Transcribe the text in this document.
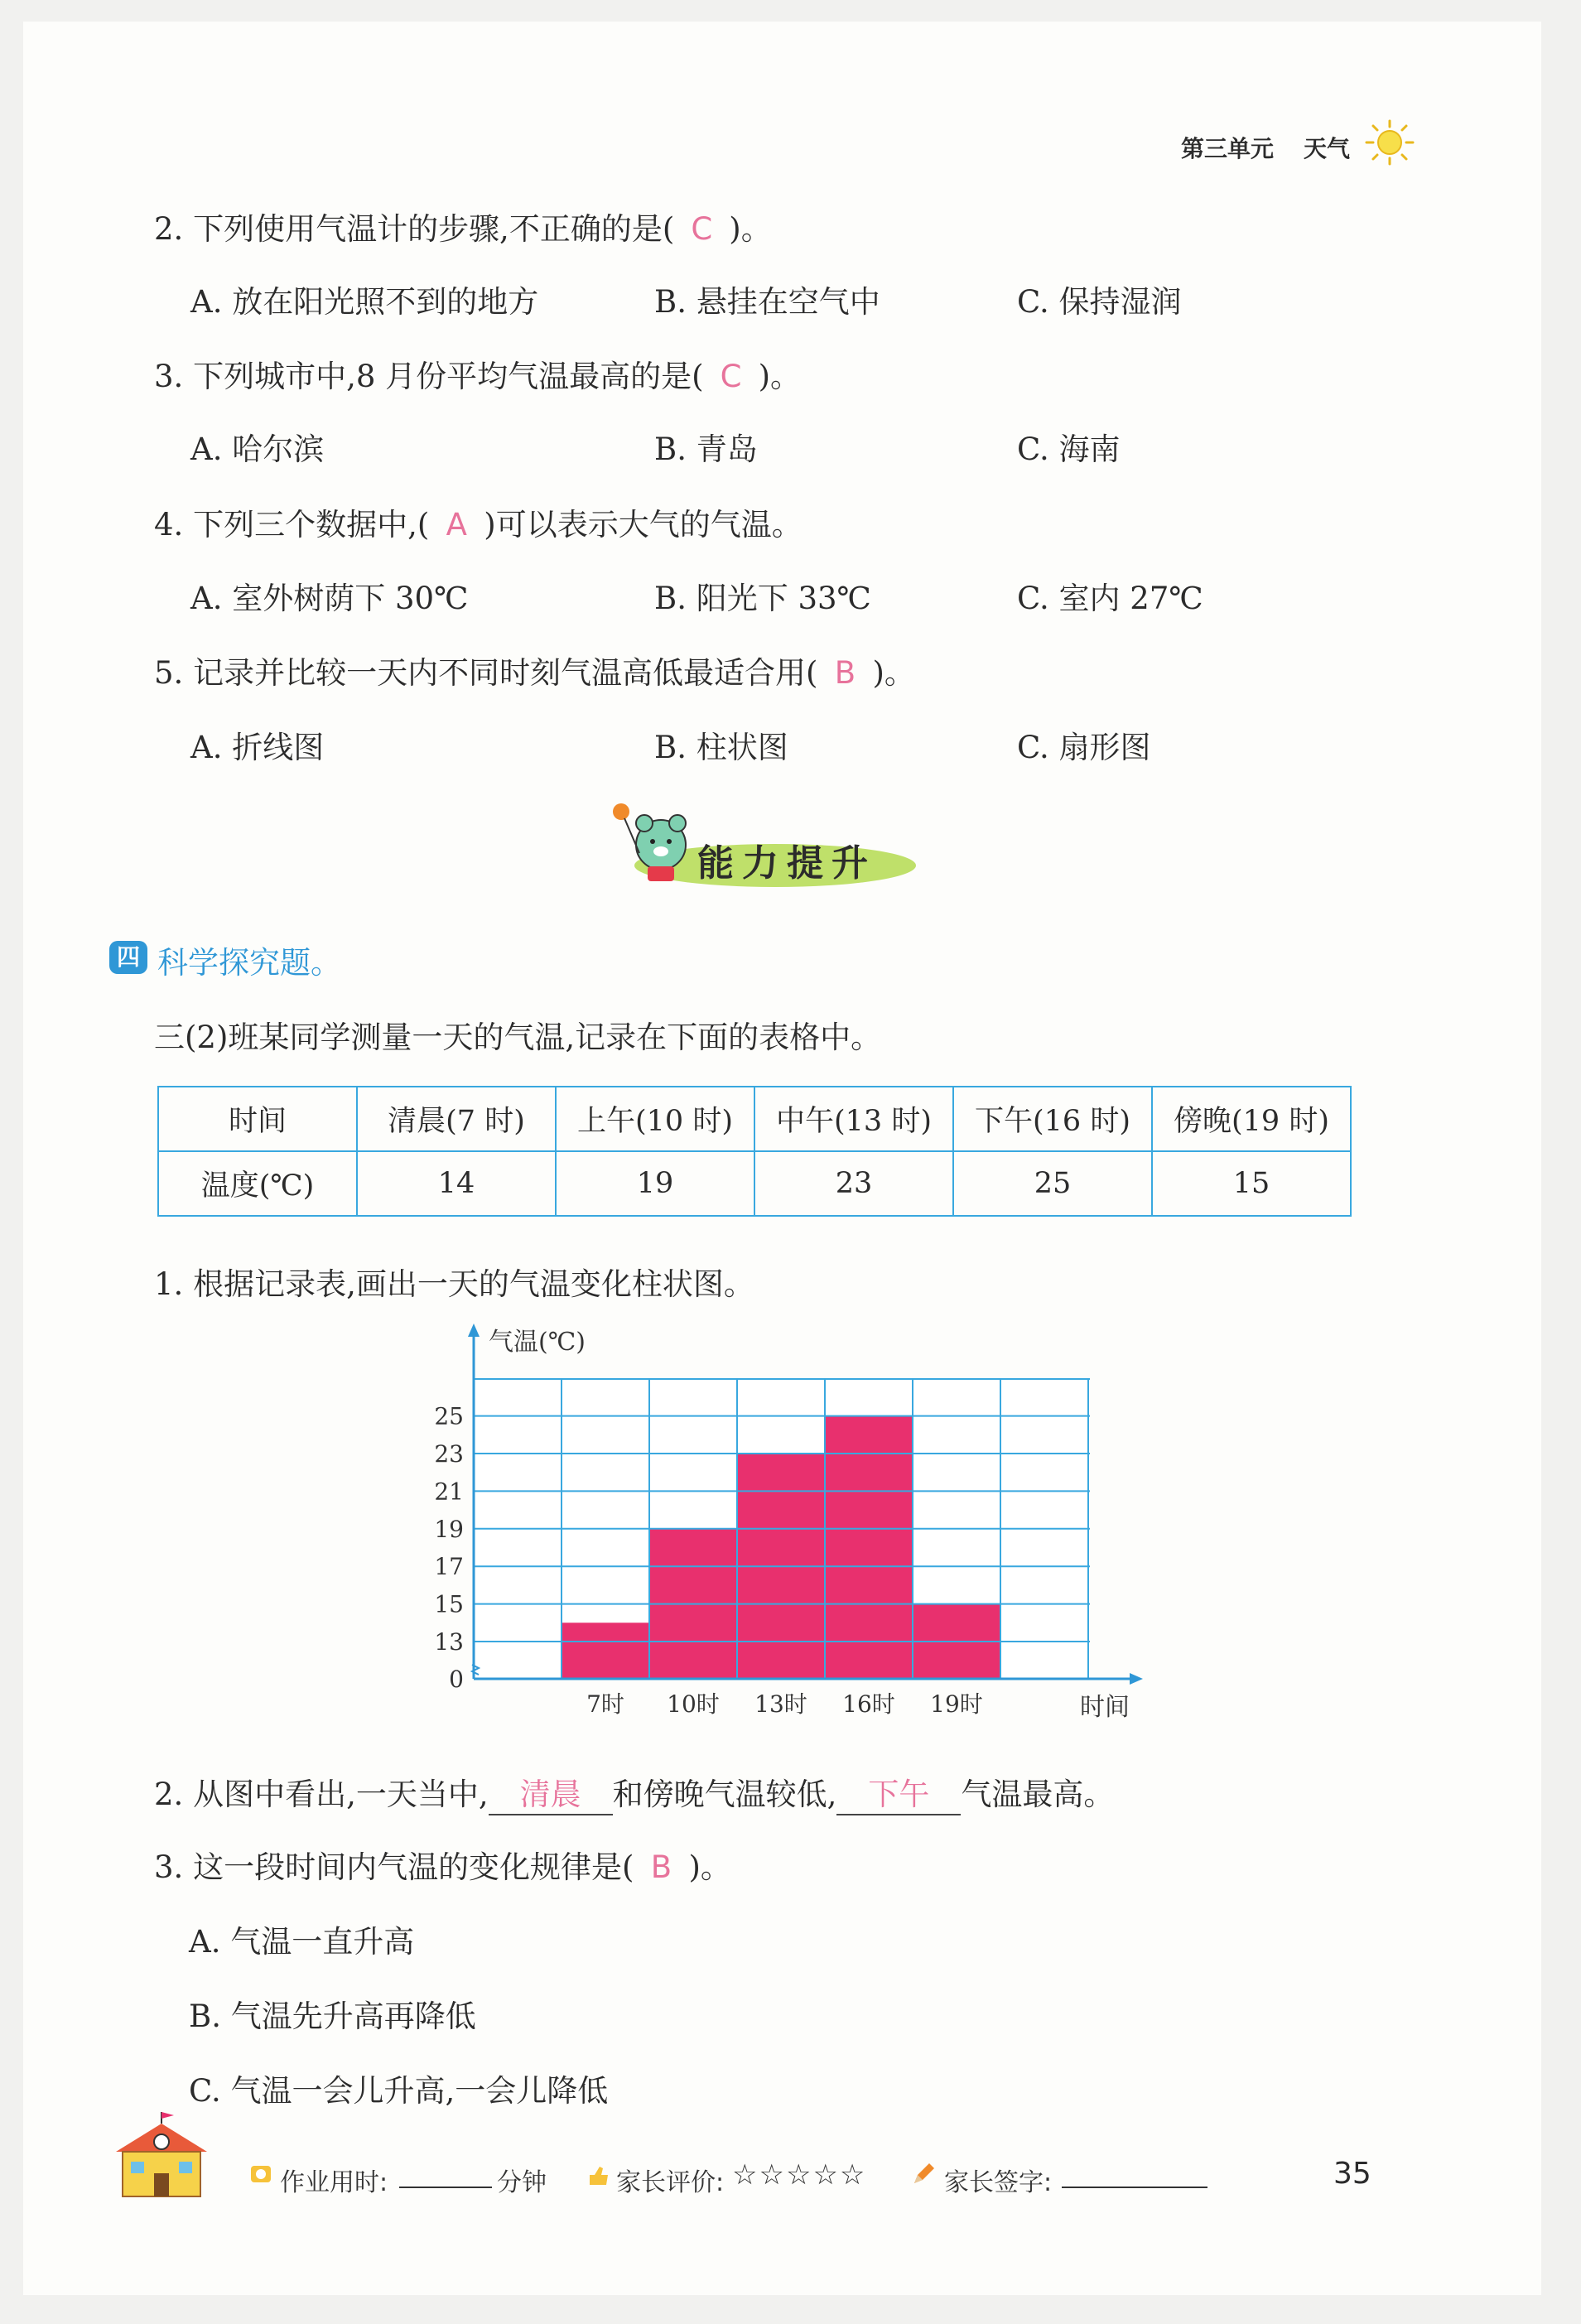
第三单元 天气
2. 下列使用气温计的步骤,不正确的是( C )。
A. 放在阳光照不到的地方	B. 悬挂在空气中	C. 保持湿润
3. 下列城市中,8 月份平均气温最高的是( C )。
A. 哈尔滨	B. 青岛	C. 海南
4. 下列三个数据中,( A )可以表示大气的气温。
A. 室外树荫下 30℃	B. 阳光下 33℃	C. 室内 27℃
5. 记录并比较一天内不同时刻气温高低最适合用( B )。
A. 折线图	B. 柱状图	C. 扇形图
能力提升
四 科学探究题。
三(2)班某同学测量一天的气温,记录在下面的表格中。
时间	清晨(7 时)	上午(10 时)	中午(13 时)	下午(16 时)	傍晚(19 时)
温度(℃)	14	19	23	25	15
1. 根据记录表,画出一天的气温变化柱状图。
0
13
15
17
19
21
23
25
7时 10时 13时 16时 19时
气温(℃)
时间
2. 从图中看出,一天当中, 清晨 和傍晚气温较低, 下午 气温最高。
3. 这一段时间内气温的变化规律是( B )。
A. 气温一直升高
B. 气温先升高再降低
C. 气温一会儿升高,一会儿降低
作业用时:	分钟	家长评价: ☆☆☆☆☆	家长签字:	35
